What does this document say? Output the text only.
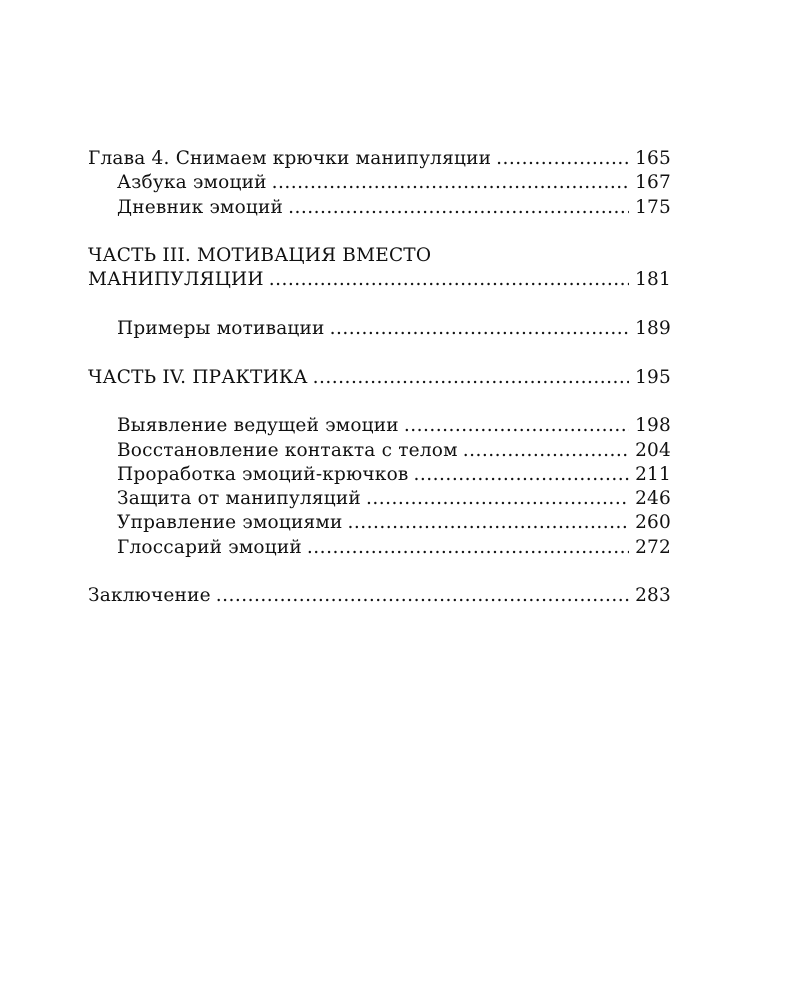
Глава 4. Снимаем крючки манипуляции .....	165
Азбука эмоций .....	167
Дневник эмоций .....	175
ЧАСТЬ III. МОТИВАЦИЯ ВМЕСТО
МАНИПУЛЯЦИИ .....	181
Примеры мотивации .....	189
ЧАСТЬ IV. ПРАКТИКА .....	195
Выявление ведущей эмоции .....	198
Восстановление контакта с телом .....	204
Проработка эмоций-крючков .....	211
Защита от манипуляций .....	246
Управление эмоциями .....	260
Глоссарий эмоций .....	272
Заключение .....	283
